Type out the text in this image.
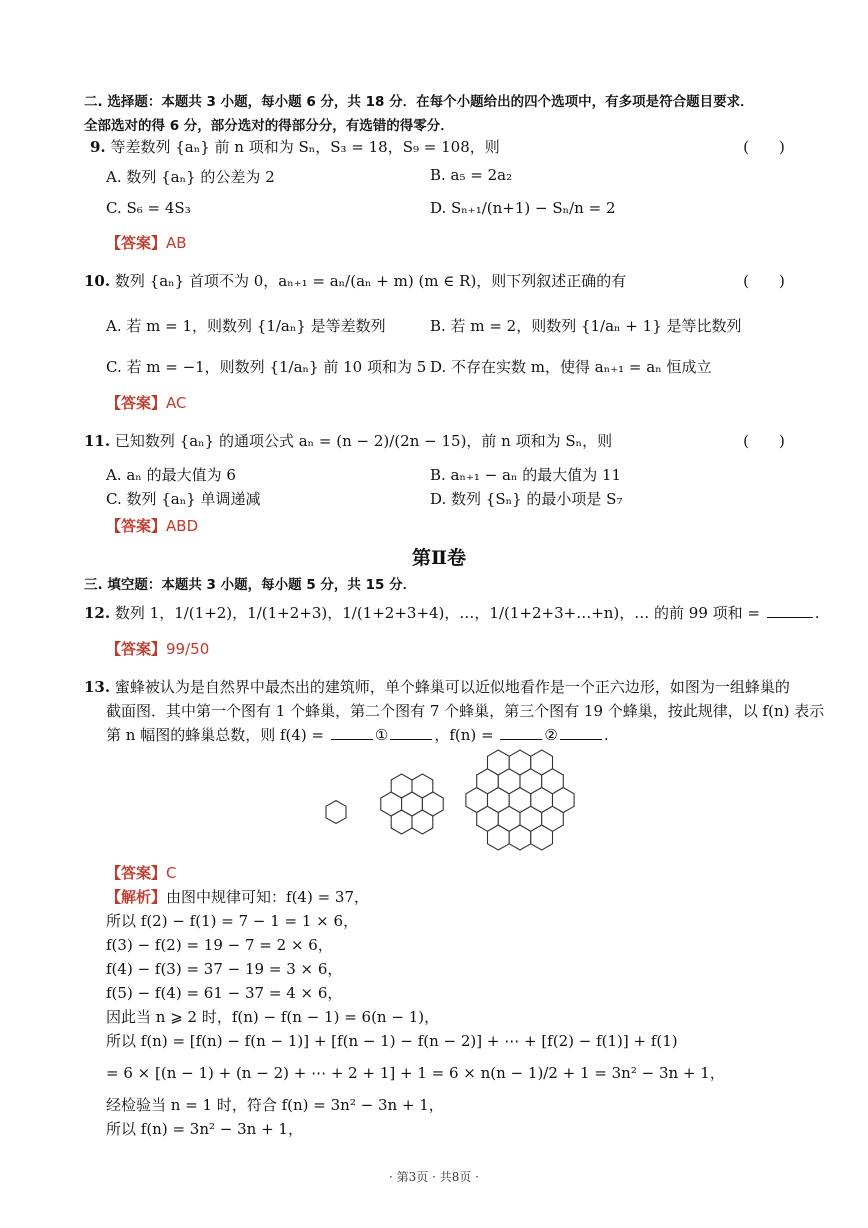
二. 选择题：本题共 3 小题，每小题 6 分，共 18 分．在每个小题给出的四个选项中，有多项是符合题目要求．
全部选对的得 6 分，部分选对的得部分分，有选错的得零分．
9. 等差数列 {aₙ} 前 n 项和为 Sₙ，S₃ = 18，S₉ = 108，则	(　　)
A. 数列 {aₙ} 的公差为 2	B. a₅ = 2a₂
C. S₆ = 4S₃	D. Sₙ₊₁/(n+1) − Sₙ/n = 2
【答案】AB
10. 数列 {aₙ} 首项不为 0，aₙ₊₁ = aₙ/(aₙ + m) (m ∈ R)，则下列叙述正确的有	(　　)
A. 若 m = 1，则数列 {1/aₙ} 是等差数列	B. 若 m = 2，则数列 {1/aₙ + 1} 是等比数列
C. 若 m = −1，则数列 {1/aₙ} 前 10 项和为 5 D. 不存在实数 m，使得 aₙ₊₁ = aₙ 恒成立
【答案】AC
11. 已知数列 {aₙ} 的通项公式 aₙ = (n − 2)/(2n − 15)，前 n 项和为 Sₙ，则	(　　)
A. aₙ 的最大值为 6	B. aₙ₊₁ − aₙ 的最大值为 11
C. 数列 {aₙ} 单调递减	D. 数列 {Sₙ} 的最小项是 S₇
【答案】ABD
第Ⅱ卷
三. 填空题：本题共 3 小题，每小题 5 分，共 15 分．
12. 数列 1，1/(1+2)，1/(1+2+3)，1/(1+2+3+4)，…，1/(1+2+3+…+n)，… 的前 99 项和 =	.
【答案】99/50
13. 蜜蜂被认为是自然界中最杰出的建筑师，单个蜂巢可以近似地看作是一个正六边形，如图为一组蜂巢的
截面图．其中第一个图有 1 个蜂巢，第二个图有 7 个蜂巢，第三个图有 19 个蜂巢，按此规律，以 f(n) 表示
第 n 幅图的蜂巢总数，则 f(4) =	①	，f(n) =	②	.
【答案】C
【解析】由图中规律可知：f(4) = 37，
所以 f(2) − f(1) = 7 − 1 = 1 × 6，
f(3) − f(2) = 19 − 7 = 2 × 6，
f(4) − f(3) = 37 − 19 = 3 × 6，
f(5) − f(4) = 61 − 37 = 4 × 6，
因此当 n ⩾ 2 时，f(n) − f(n − 1) = 6(n − 1)，
所以 f(n) = [f(n) − f(n − 1)] + [f(n − 1) − f(n − 2)] + ⋯ + [f(2) − f(1)] + f(1)
= 6 × [(n − 1) + (n − 2) + ⋯ + 2 + 1] + 1 = 6 × n(n − 1)/2 + 1 = 3n² − 3n + 1，
经检验当 n = 1 时，符合 f(n) = 3n² − 3n + 1，
所以 f(n) = 3n² − 3n + 1，
· 第3页 · 共8页 ·
